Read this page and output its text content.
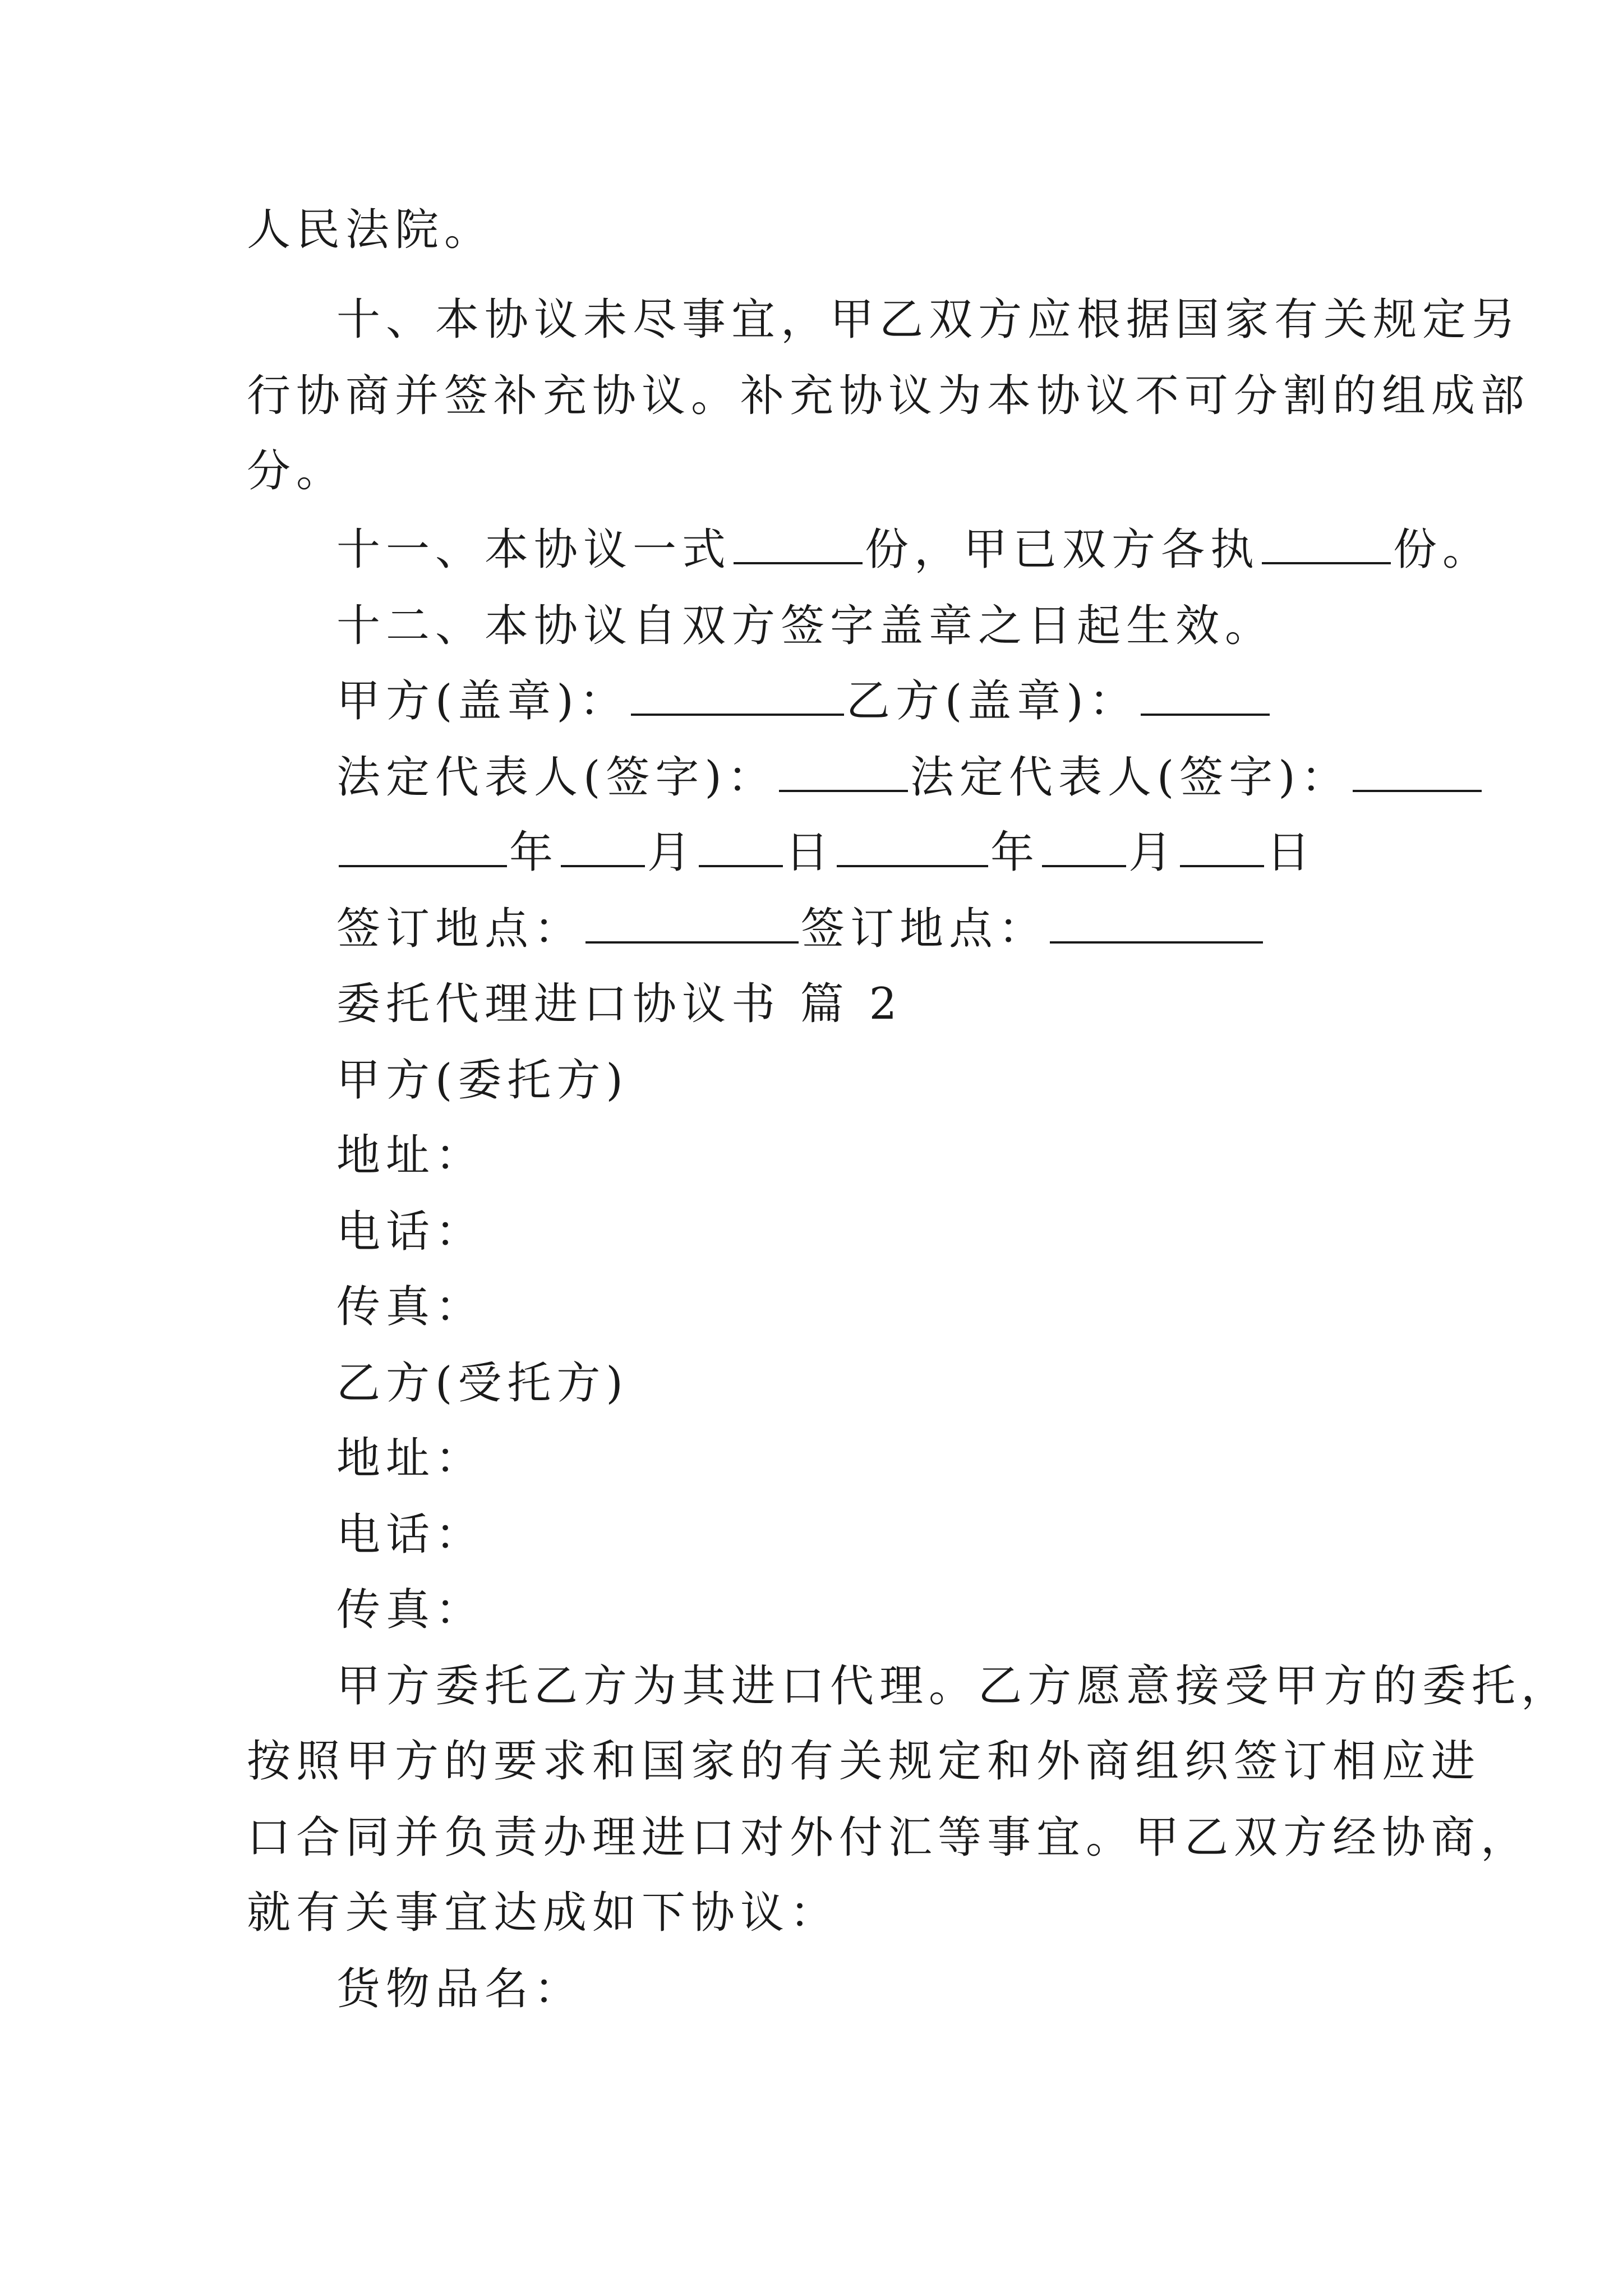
人民法院。
十、本协议未尽事宜，甲乙双方应根据国家有关规定另
行协商并签补充协议。补充协议为本协议不可分割的组成部
分。
十一、本协议一式	份，甲已双方各执	份。
十二、本协议自双方签字盖章之日起生效。
甲方(盖章)：	乙方(盖章)：
法定代表人(签字)：	法定代表人(签字)：
年 月 日	年 月 日
签订地点：	签订地点：
委托代理进口协议书 篇 2
甲方(委托方)
地址：
电话：
传真：
乙方(受托方)
地址：
电话：
传真：
甲方委托乙方为其进口代理。乙方愿意接受甲方的委托，
按照甲方的要求和国家的有关规定和外商组织签订相应进
口合同并负责办理进口对外付汇等事宜。甲乙双方经协商，
就有关事宜达成如下协议：
货物品名：
